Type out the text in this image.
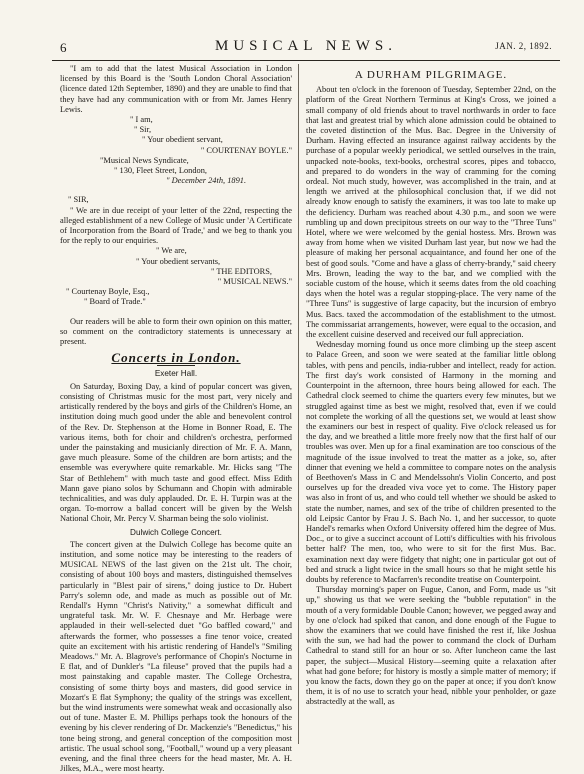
6	MUSICAL NEWS.	JAN. 2, 1892.

"I am to add that the latest Musical Association in London licensed by this Board is the 'South London Choral Association' (licence dated 12th September, 1890) and they are unable to find that they have had any communication with or from Mr. James Henry Lewis.

" I am,
" Sir,
" Your obedient servant,
" COURTENAY BOYLE."
"Musical News Syndicate,
" 130, Fleet Street, London,
" December 24th, 1891.

" SIR,

" We are in due receipt of your letter of the 22nd, respecting the alleged establishment of a new College of Music under 'A Certificate of Incorporation from the Board of Trade,' and we beg to thank you for the reply to our enquiries.

" We are,
" Your obedient servants,
" THE EDITORS,
" MUSICAL NEWS."
" Courtenay Boyle, Esq.,
" Board of Trade."

Our readers will be able to form their own opinion on this matter, so comment on the contradictory statements is unnecessary at present.

Concerts in London.
Exeter Hall.

On Saturday, Boxing Day, a kind of popular concert was given, consisting of Christmas music for the most part, very nicely and artistically rendered by the boys and girls of the Children's Home, an institution doing much good under the able and benevolent control of the Rev. Dr. Stephenson at the Home in Bonner Road, E. The various items, both for choir and children's orchestra, performed under the painstaking and musicianly direction of Mr. F. A. Mann, gave much pleasure. Some of the children are born artists; and the ensemble was everywhere quite remarkable. Mr. Hicks sang "The Star of Bethlehem" with much taste and good effect. Miss Edith Mann gave piano solos by Schumann and Chopin with admirable technicalities, and was duly applauded. Dr. E. H. Turpin was at the organ. To-morrow a ballad concert will be given by the Welsh National Choir, Mr. Percy V. Sharman being the solo violinist.

Dulwich College Concert.

The concert given at the Dulwich College has become quite an institution, and some notice may be interesting to the readers of MUSICAL NEWS of the last given on the 21st ult. The choir, consisting of about 100 boys and masters, distinguished themselves particularly in "Blest pair of sirens," doing justice to Dr. Hubert Parry's solemn ode, and made as much as possible out of Mr. Rendall's Hymn "Christ's Nativity," a somewhat difficult and ungrateful task. Mr. W. F. Chesnaye and Mr. Herbage were applauded in their well-selected duet "Go baffled coward," and afterwards the former, who possesses a fine tenor voice, created quite an excitement with his artistic rendering of Handel's "Smiling Meadows." Mr. A. Blagrove's performance of Chopin's Nocturne in E flat, and of Dunkler's "La fileuse" proved that the pupils had a most painstaking and capable master. The College Orchestra, consisting of some thirty boys and masters, did good service in Mozart's E flat Symphony; the quality of the strings was excellent, but the wind instruments were somewhat weak and occasionally also out of tune. Master E. M. Phillips perhaps took the honours of the evening by his clever rendering of Dr. Mackenzie's "Benedictus," his tone being strong, and general conception of the composition most artistic. The usual school song, "Football," wound up a very pleasant evening, and the final three cheers for the head master, Mr. A. H. Jilkes, M.A., were most hearty.

A DURHAM PILGRIMAGE.

About ten o'clock in the forenoon of Tuesday, September 22nd, on the platform of the Great Northern Terminus at King's Cross, we joined a small company of old friends about to travel northwards in order to face that last and greatest trial by which alone admission could be obtained to the coveted distinction of the Mus. Bac. Degree in the University of Durham. Having effected an insurance against railway accidents by the purchase of a popular weekly periodical, we settled ourselves in the train, unpacked note-books, text-books, orchestral scores, pipes and tobacco, and prepared to do wonders in the way of cramming for the coming ordeal. Not much study, however, was accomplished in the train, and at length we arrived at the philosophical conclusion that, if we did not already know enough to satisfy the examiners, it was too late to make up the deficiency. Durham was reached about 4.30 p.m., and soon we were rumbling up and down precipitous streets on our way to the "Three Tuns" Hotel, where we were welcomed by the genial hostess. Mrs. Brown was away from home when we visited Durham last year, but now we had the pleasure of making her personal acquaintance, and found her one of the best of good souls. "Come and have a glass of cherry-brandy," said cheery Mrs. Brown, leading the way to the bar, and we complied with the sociable custom of the house, which it seems dates from the old coaching days when the hotel was a regular stopping-place. The very name of the "Three Tuns" is suggestive of large capacity, but the incursion of embryo Mus. Bacs. taxed the accommodation of the establishment to the utmost. The commissariat arrangements, however, were equal to the occasion, and the excellent cuisine deserved and received our full appreciation.

Wednesday morning found us once more climbing up the steep ascent to Palace Green, and soon we were seated at the familiar little oblong tables, with pens and pencils, india-rubber and intellect, ready for action. The first day's work consisted of Harmony in the morning and Counterpoint in the afternoon, three hours being allowed for each. The Cathedral clock seemed to chime the quarters every few minutes, but we struggled against time as best we might, resolved that, even if we could not complete the working of all the questions set, we would at least show the examiners our best in respect of quality. Five o'clock released us for the day, and we breathed a little more freely now that the first half of our troubles was over. Men up for a final examination are too conscious of the magnitude of the issue involved to treat the matter as a joke, so, after dinner that evening we held a committee to compare notes on the analysis of Beethoven's Mass in C and Mendelssohn's Violin Concerto, and post ourselves up for the dreaded viva voce yet to come. The History paper was also in front of us, and who could tell whether we should be asked to state the number, names, and sex of the tribe of children presented to the old Leipsic Cantor by Frau J. S. Bach No. 1, and her successor, to quote Handel's remarks when Oxford University offered him the degree of Mus. Doc., or to give a succinct account of Lotti's difficulties with his frivolous better half? The men, too, who were to sit for the first Mus. Bac. examination next day were fidgety that night; one in particular got out of bed and struck a light twice in the small hours so that he might settle his doubts by reference to Macfarren's recondite treatise on Counterpoint.

Thursday morning's paper on Fugue, Canon, and Form, made us "sit up," showing us that we were seeking the "bubble reputation" in the mouth of a very formidable Double Canon; however, we pegged away and by one o'clock had spiked that canon, and done enough of the Fugue to show the examiners that we could have finished the rest if, like Joshua with the sun, we had had the power to command the clock of Durham Cathedral to stand still for an hour or so. After luncheon came the last paper, the subject—Musical History—seeming quite a relaxation after what had gone before; for history is mostly a simple matter of memory; if you know the facts, down they go on the paper at once; if you don't know them, it is of no use to scratch your head, nibble your penholder, or gaze abstractedly at the wall, as
